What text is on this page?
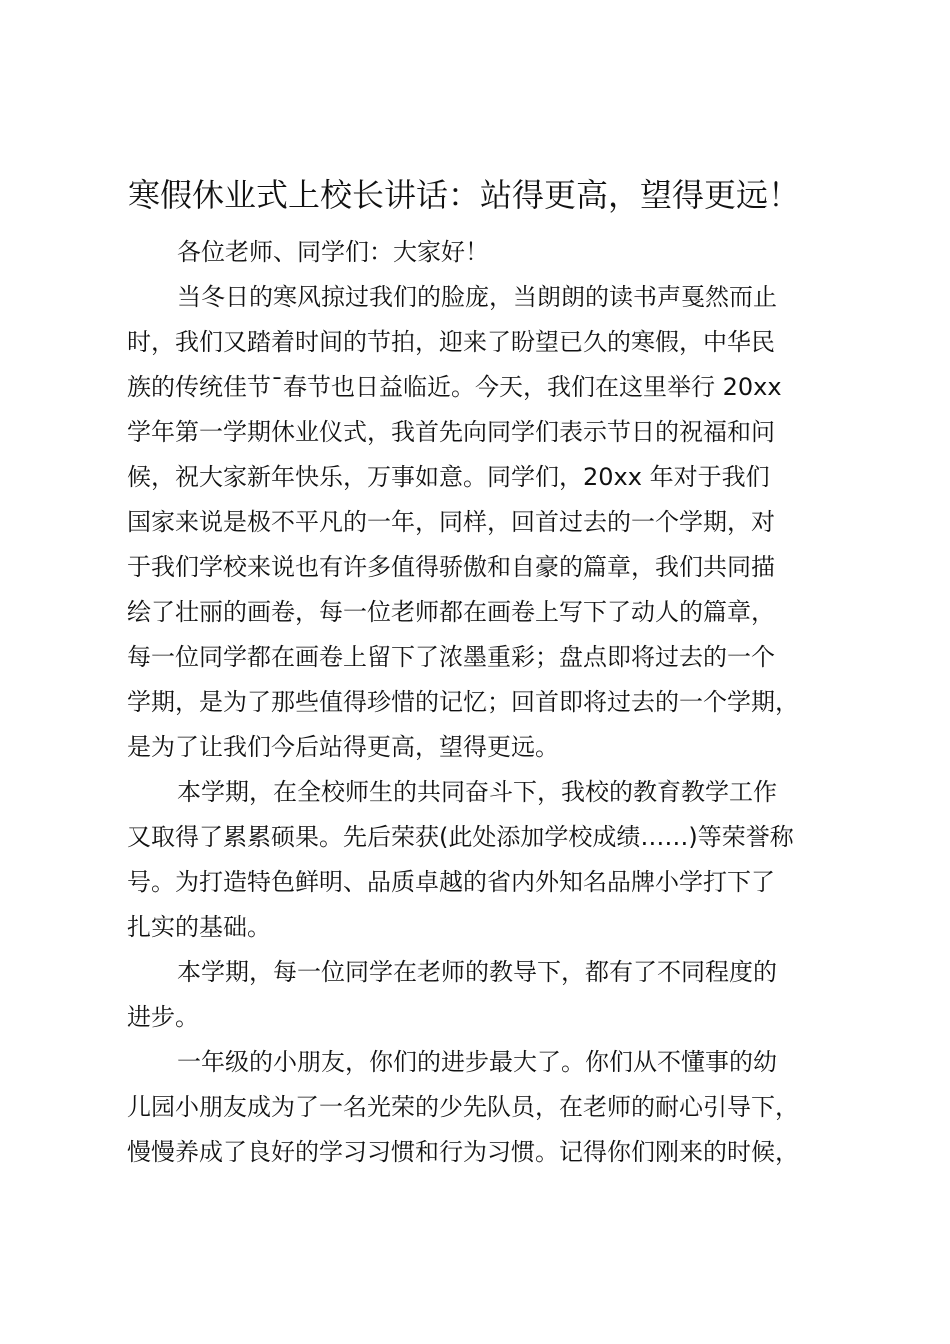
寒假休业式上校长讲话：站得更高，望得更远！
各位老师、同学们：大家好！
当冬日的寒风掠过我们的脸庞，当朗朗的读书声戛然而止
时，我们又踏着时间的节拍，迎来了盼望已久的寒假，中华民
族的传统佳节¯春节也日益临近。今天，我们在这里举行 20xx
学年第一学期休业仪式，我首先向同学们表示节日的祝福和问
候，祝大家新年快乐，万事如意。同学们，20xx 年对于我们
国家来说是极不平凡的一年，同样，回首过去的一个学期，对
于我们学校来说也有许多值得骄傲和自豪的篇章，我们共同描
绘了壮丽的画卷，每一位老师都在画卷上写下了动人的篇章，
每一位同学都在画卷上留下了浓墨重彩；盘点即将过去的一个
学期，是为了那些值得珍惜的记忆；回首即将过去的一个学期，
是为了让我们今后站得更高，望得更远。
本学期，在全校师生的共同奋斗下，我校的教育教学工作
又取得了累累硕果。先后荣获(此处添加学校成绩……)等荣誉称
号。为打造特色鲜明、品质卓越的省内外知名品牌小学打下了
扎实的基础。
本学期，每一位同学在老师的教导下，都有了不同程度的
进步。
一年级的小朋友，你们的进步最大了。你们从不懂事的幼
儿园小朋友成为了一名光荣的少先队员，在老师的耐心引导下，
慢慢养成了良好的学习习惯和行为习惯。记得你们刚来的时候，
